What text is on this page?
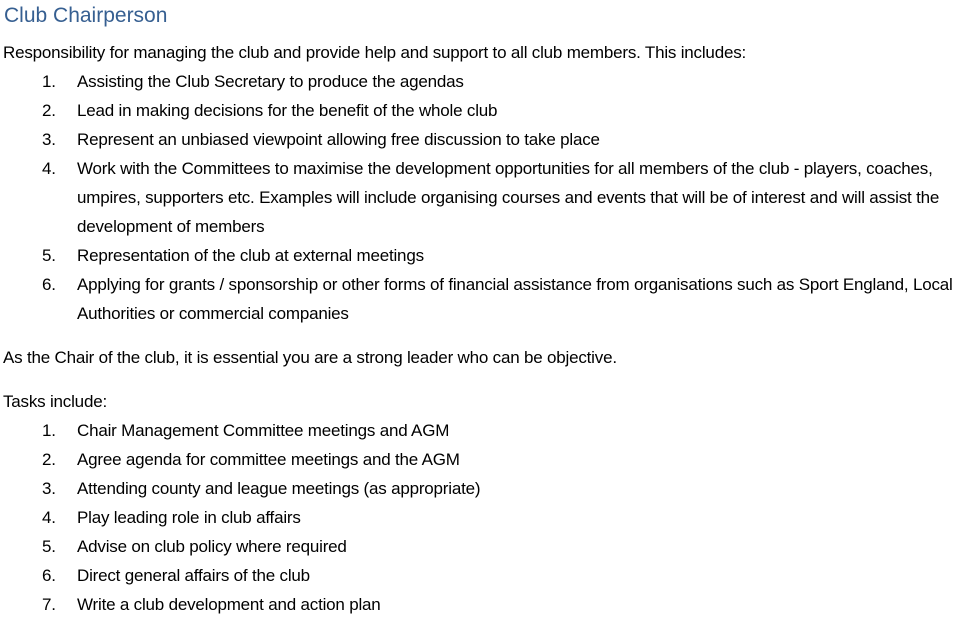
Club Chairperson

Responsibility for managing the club and provide help and support to all club members. This includes:

Assisting the Club Secretary to produce the agendas
Lead in making decisions for the benefit of the whole club
Represent an unbiased viewpoint allowing free discussion to take place
Work with the Committees to maximise the development opportunities for all members of the club - players, coaches, umpires, supporters etc. Examples will include organising courses and events that will be of interest and will assist the development of members
Representation of the club at external meetings
Applying for grants / sponsorship or other forms of financial assistance from organisations such as Sport England, Local Authorities or commercial companies

As the Chair of the club, it is essential you are a strong leader who can be objective.

Tasks include:

Chair Management Committee meetings and AGM
Agree agenda for committee meetings and the AGM
Attending county and league meetings (as appropriate)
Play leading role in club affairs
Advise on club policy where required
Direct general affairs of the club
Write a club development and action plan
